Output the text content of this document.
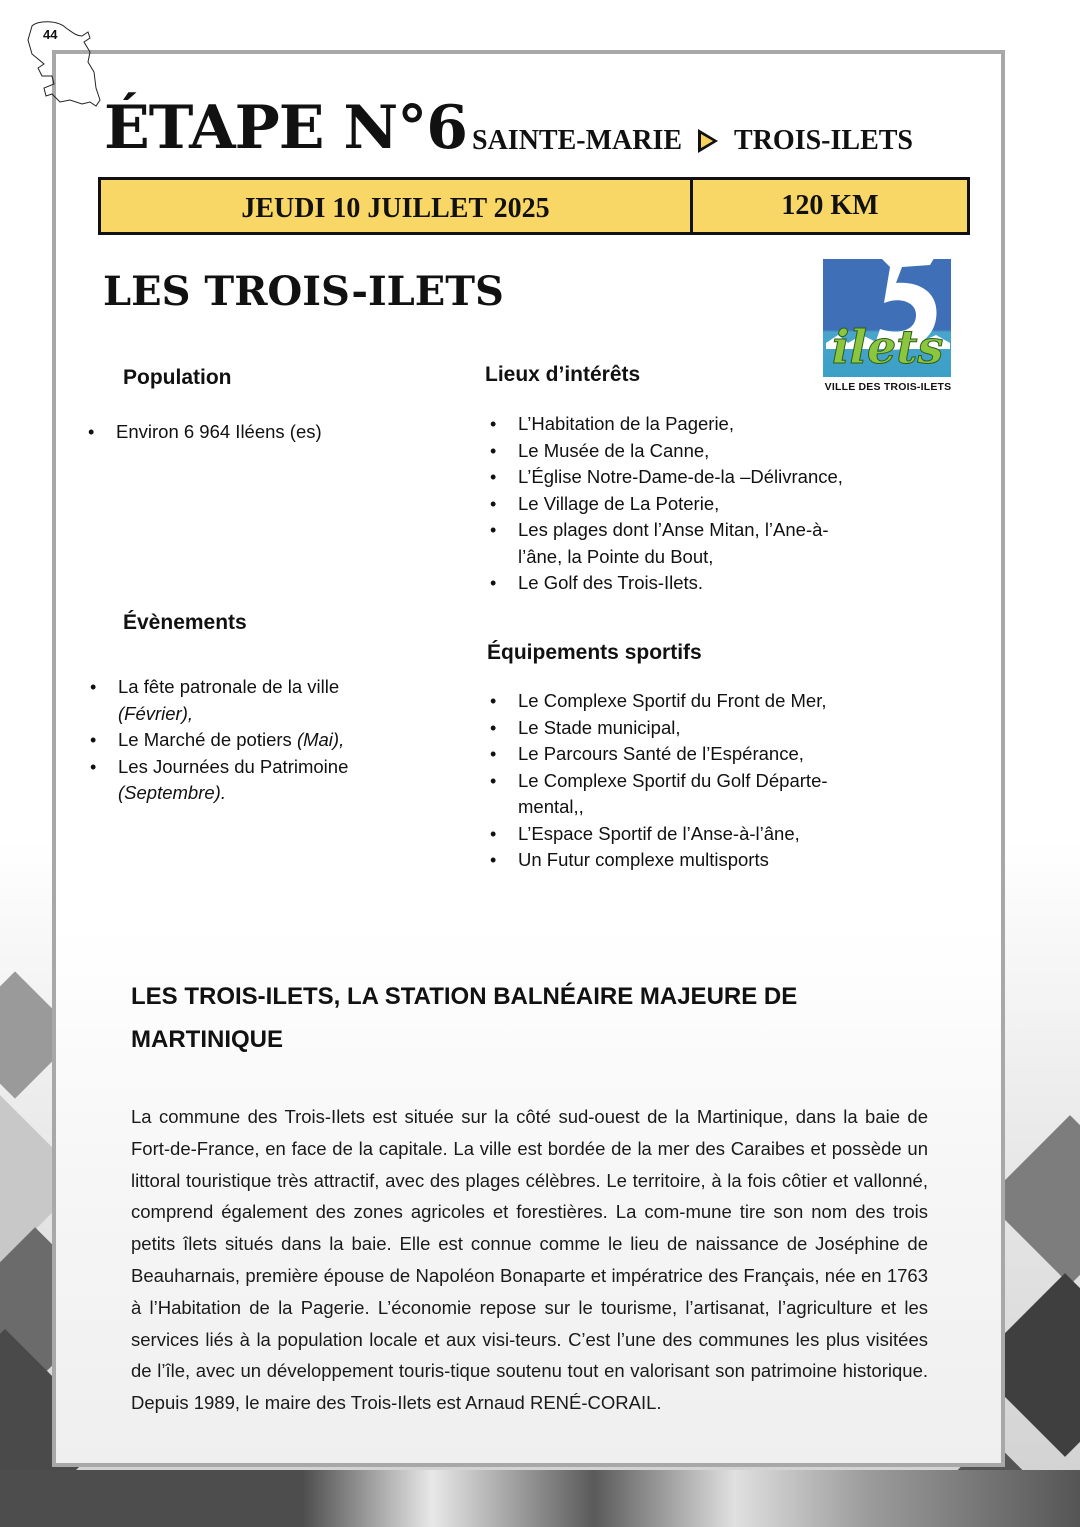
44
ÉTAPE N°6 SAINTE-MARIE TROIS-ILETS
JEUDI 10 JUILLET 2025	120 KM
LES TROIS-ILETS
ilets
VILLE DES TROIS-ILETS
Population
• Environ 6 964 Iléens (es)
Lieux d’intérêts
• L’Habitation de la Pagerie,
• Le Musée de la Canne,
• L’Église Notre-Dame-de-la –Délivrance,
• Le Village de La Poterie,
• Les plages dont l’Anse Mitan, l’Ane-à-l’âne, la Pointe du Bout,
• Le Golf des Trois-Ilets.
Évènements
• La fête patronale de la ville (Février),
• Le Marché de potiers (Mai),
• Les Journées du Patrimoine (Septembre).
Équipements sportifs
• Le Complexe Sportif du Front de Mer,
• Le Stade municipal,
• Le Parcours Santé de l’Espérance,
• Le Complexe Sportif du Golf Départe-mental,,
• L’Espace Sportif de l’Anse-à-l’âne,
• Un Futur complexe multisports
LES TROIS-ILETS, LA STATION BALNÉAIRE MAJEURE DE MARTINIQUE

La commune des Trois-Ilets est située sur la côté sud-ouest de la Martinique, dans la baie de Fort-de-France, en face de la capitale. La ville est bordée de la mer des Caraibes et possède un littoral touristique très attractif, avec des plages célèbres. Le territoire, à la fois côtier et vallonné, comprend également des zones agricoles et forestières. La com-mune tire son nom des trois petits îlets situés dans la baie. Elle est connue comme le lieu de naissance de Joséphine de Beauharnais, première épouse de Napoléon Bonaparte et impératrice des Français, née en 1763 à l’Habitation de la Pagerie. L’économie repose sur le tourisme, l’artisanat, l’agriculture et les services liés à la population locale et aux visi-teurs. C’est l’une des communes les plus visitées de l’île, avec un développement touris-tique soutenu tout en valorisant son patrimoine historique. Depuis 1989, le maire des Trois-Ilets est Arnaud RENÉ-CORAIL.
